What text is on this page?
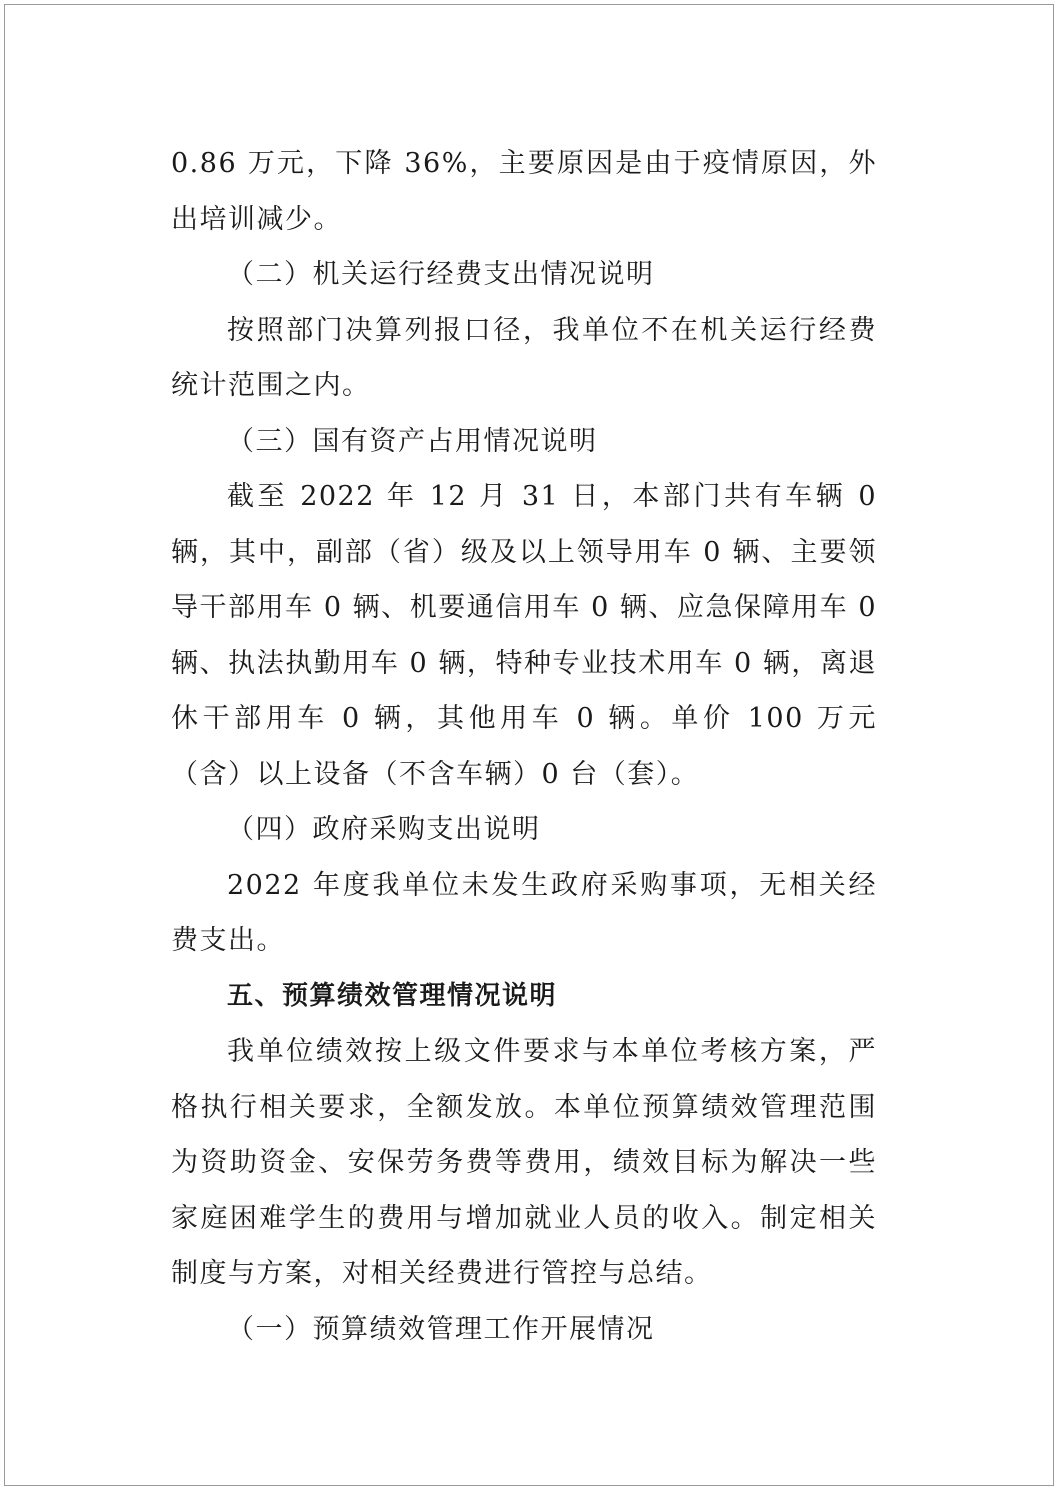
0.86 万元，下降 36%，主要原因是由于疫情原因，外出培训减少。

（二）机关运行经费支出情况说明

按照部门决算列报口径，我单位不在机关运行经费统计范围之内。

（三）国有资产占用情况说明

截至 2022 年 12 月 31 日，本部门共有车辆 0 辆，其中，副部（省）级及以上领导用车 0 辆、主要领导干部用车 0 辆、机要通信用车 0 辆、应急保障用车 0 辆、执法执勤用车 0 辆，特种专业技术用车 0 辆，离退休干部用车 0 辆，其他用车 0 辆。单价 100 万元（含）以上设备（不含车辆）0 台（套）。

（四）政府采购支出说明

2022 年度我单位未发生政府采购事项，无相关经费支出。

五、预算绩效管理情况说明

我单位绩效按上级文件要求与本单位考核方案，严格执行相关要求，全额发放。本单位预算绩效管理范围为资助资金、安保劳务费等费用，绩效目标为解决一些家庭困难学生的费用与增加就业人员的收入。制定相关制度与方案，对相关经费进行管控与总结。

（一）预算绩效管理工作开展情况
